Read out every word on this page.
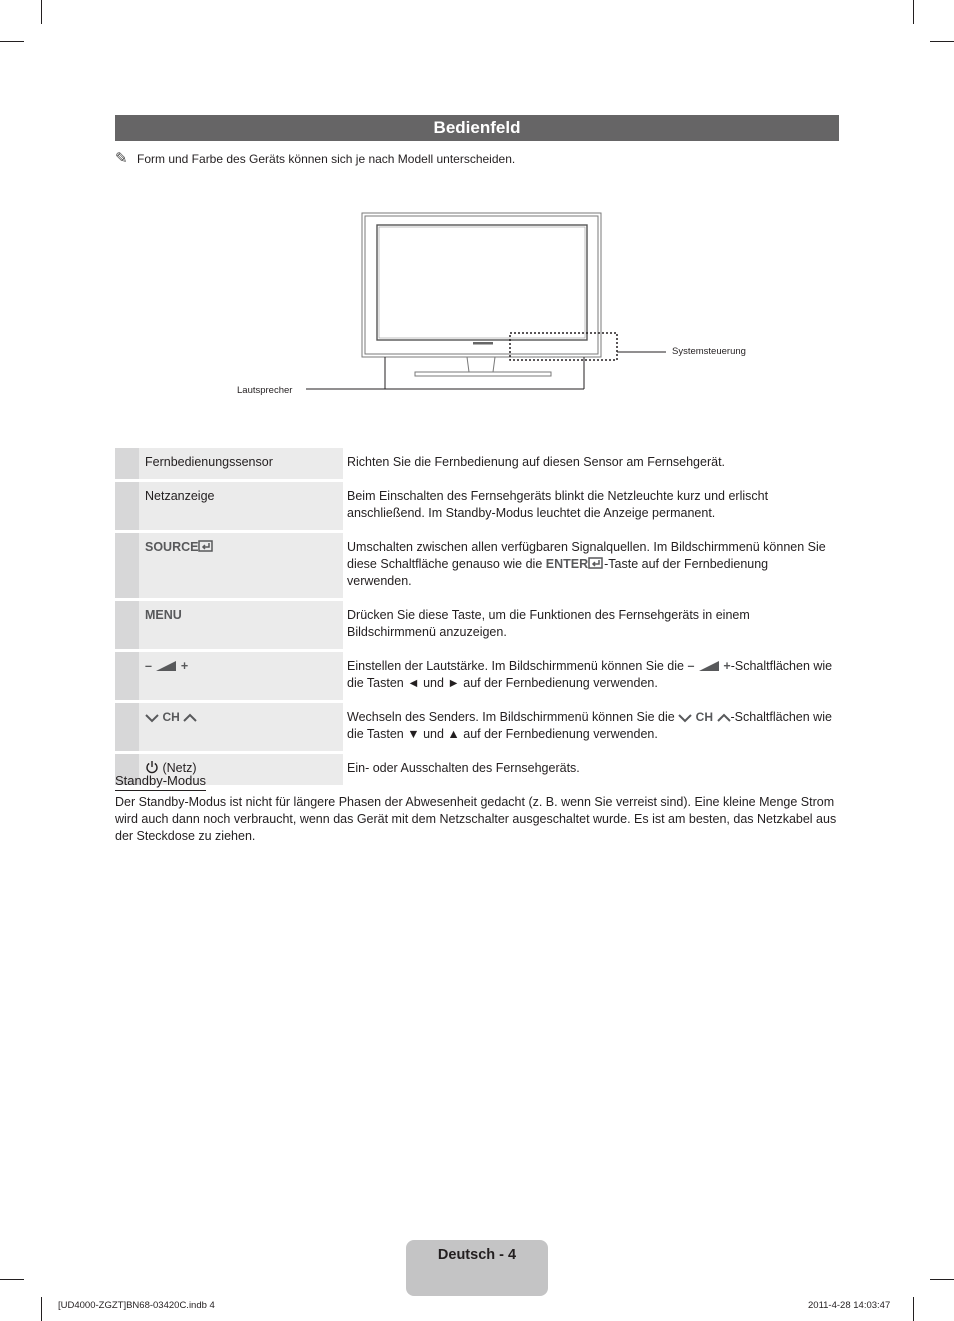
Bedienfeld
✎ Form und Farbe des Geräts können sich je nach Modell unterscheiden.
Systemsteuerung
Lautsprecher
	Fernbedienungssensor	Richten Sie die Fernbedienung auf diesen Sensor am Fernsehgerät.
	Netzanzeige	Beim Einschalten des Fernsehgeräts blinkt die Netzleuchte kurz und erlischt anschließend. Im Standby-Modus leuchtet die Anzeige permanent.
	SOURCE	Umschalten zwischen allen verfügbaren Signalquellen. Im Bildschirmmenü können Sie diese Schaltfläche genauso wie die ENTER -Taste auf der Fernbedienung verwenden.
	MENU	Drücken Sie diese Taste, um die Funktionen des Fernsehgeräts in einem Bildschirmmenü anzuzeigen.
	– +	Einstellen der Lautstärke. Im Bildschirmmenü können Sie die – +-Schaltflächen wie die Tasten ◄ und ► auf der Fernbedienung verwenden.
	CH	Wechseln des Senders. Im Bildschirmmenü können Sie die  CH -Schaltflächen wie die Tasten ▼ und ▲ auf der Fernbedienung verwenden.
	(Netz)	Ein- oder Ausschalten des Fernsehgeräts.
Standby-Modus
Der Standby-Modus ist nicht für längere Phasen der Abwesenheit gedacht (z. B. wenn Sie verreist sind). Eine kleine Menge Strom wird auch dann noch verbraucht, wenn das Gerät mit dem Netzschalter ausgeschaltet wurde. Es ist am besten, das Netzkabel aus der Steckdose zu ziehen.
Deutsch - 4
[UD4000-ZGZT]BN68-03420C.indb 4	2011-4-28 14:03:47
